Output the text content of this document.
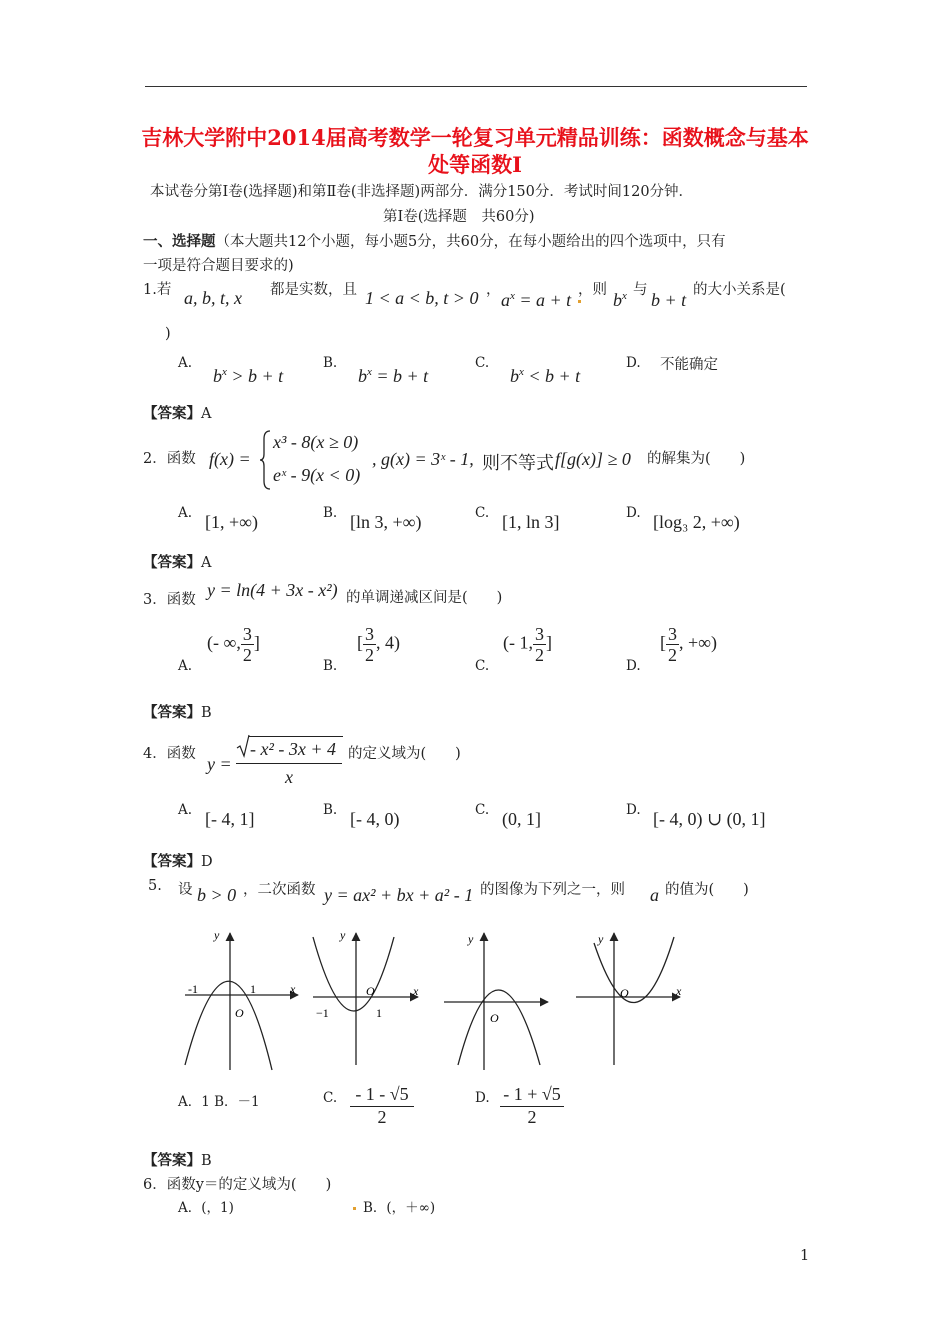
吉林大学附中2014届高考数学一轮复习单元精品训练：函数概念与基本处等函数Ⅰ
本试卷分第Ⅰ卷(选择题)和第Ⅱ卷(非选择题)两部分．满分150分．考试时间120分钟．
第Ⅰ卷(选择题　共60分)
一、选择题（本大题共12个小题，每小题5分，共60分，在每小题给出的四个选项中，只有
一项是符合题目要求的)
1.若 a, b, t, x 都是实数，且 1 < a < b, t > 0 ， $a^x = a + t$ ，则 $b^x$ 与 b + t 的大小关系是(
)
A.
$b^x > b + t$
B.
$b^x = b + t$
C.
$b^x < b + t$
D. 不能确定
【答案】A
2．函数 f(x) =
x³ - 8(x ≥ 0)
eˣ - 9(x < 0)
, g(x) = 3ˣ - 1, 则不等式 f[g(x)] ≥ 0 的解集为(　　)
A. [1, +∞)	B. [ln 3, +∞)	C. [1, ln 3]	D. [log₃ 2, +∞)
【答案】A
3．函数 y = ln(4 + 3x - x²) 的单调递减区间是(　　)
A.
(- ∞, $\frac{3}{2}$ ]
B.
[ $\frac{3}{2}$ , 4)
C.
(- 1, $\frac{3}{2}$ ]
D.
[ $\frac{3}{2}$ , +∞)
【答案】B
4．函数 y =
- x² - 3x + 4
x
的定义域为(　　)
A. [- 4, 1]	B. [- 4, 0)	C. (0, 1]	D. [- 4, 0) ∪ (0, 1]
【答案】D
5. 设 b > 0 ，二次函数 y = ax² + bx + a² - 1 的图像为下列之一，则 a 的值为(　　)
y
x
-1	1
O
y
x
O
−1	1
y
O
y
x
O
A．1 B．－1	C. $\frac{- 1 - √5}{2}$	D. $\frac{- 1 + √5}{2}$
【答案】B
6．函数y＝的定义域为(　　)
A．(，1)	B．(，＋∞)
1
